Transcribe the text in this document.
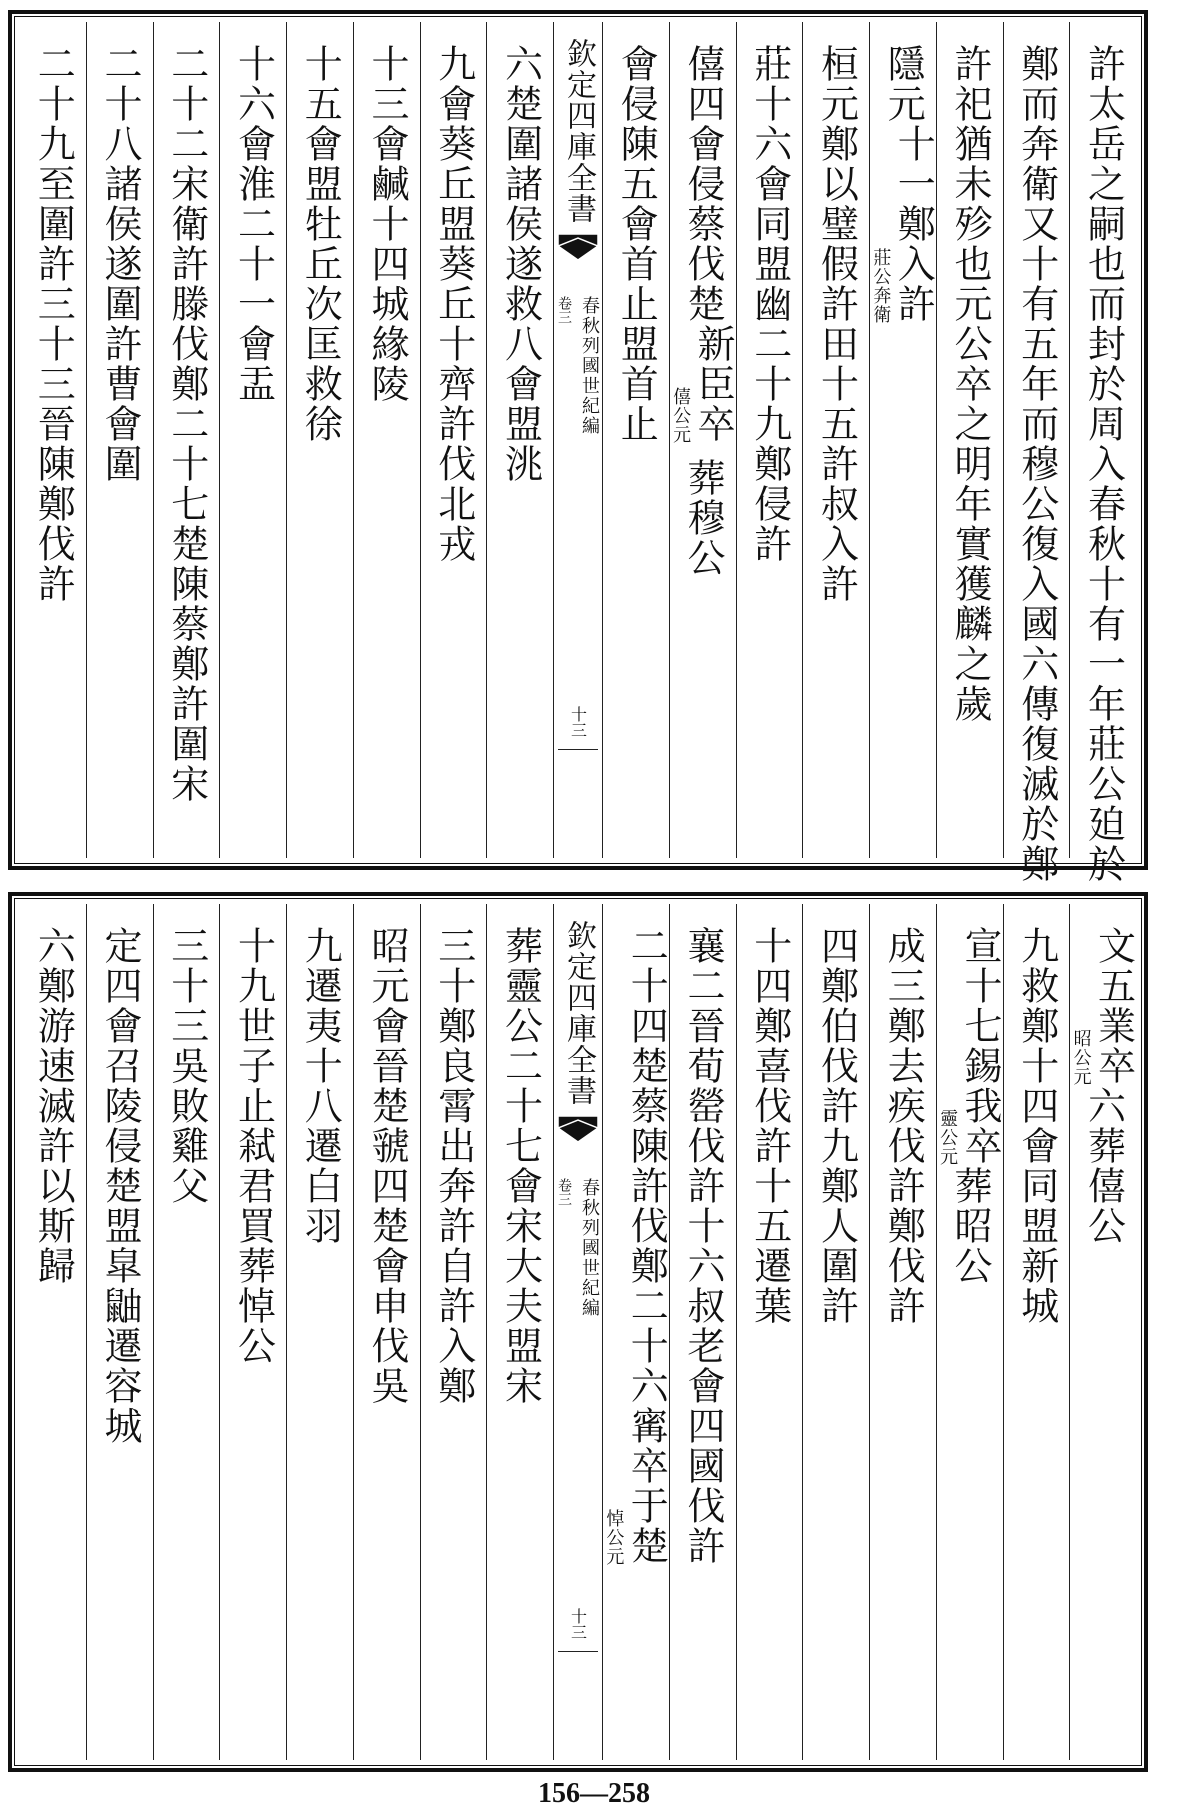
許太岳之嗣也而封於周入春秋十有一年莊公廹於
鄭而奔衛又十有五年而穆公復入國六傳復滅於鄭
許祀猶未殄也元公卒之明年實獲麟之歲
隱元
十一鄭入許
莊公奔衛
桓元鄭以璧假許田
十五許叔入許
莊十六會同盟幽
二十九鄭侵許
僖四會侵蔡伐楚
新臣卒
僖公元
葬穆公
會侵陳
五會首止
盟首止
欽定四庫全書
春秋列國世紀編
卷三
十三
六楚圍諸侯遂救
八會盟洮
九會葵丘盟葵丘
十齊許伐北戎
十三會鹹
十四城緣陵
十五會盟牡丘次匡救徐
十六會淮
二十一會盂
二十二宋衛許滕伐鄭二十七楚陳蔡鄭許圍宋
二十八諸侯遂圍許曹會圍
二十九至圍許
三十三晉陳鄭伐許
文五業卒
昭公元
六葬僖公
九救鄭
十四會同盟新城
宣十七錫我卒
靈公元
葬昭公
成三鄭去疾伐許
鄭伐許
四鄭伯伐許
九鄭人圍許
十四鄭喜伐許
十五遷葉
襄二晉荀罃伐許
十六叔老會四國伐許
二十四楚蔡陳許伐鄭二十六寗卒于楚
悼公元
欽定四庫全書
春秋列國世紀編
卷三
十三
葬靈公
二十七會宋
大夫盟宋
三十鄭良霄出奔許自許入鄭
昭元會晉楚虢
四楚會申
伐吳
九遷夷
十八遷白羽
十九世子止弒君買
葬悼公
三十三吳敗雞父
定四會召陵侵楚盟皐鼬
遷容城
六鄭游速滅許以斯歸
156—258
